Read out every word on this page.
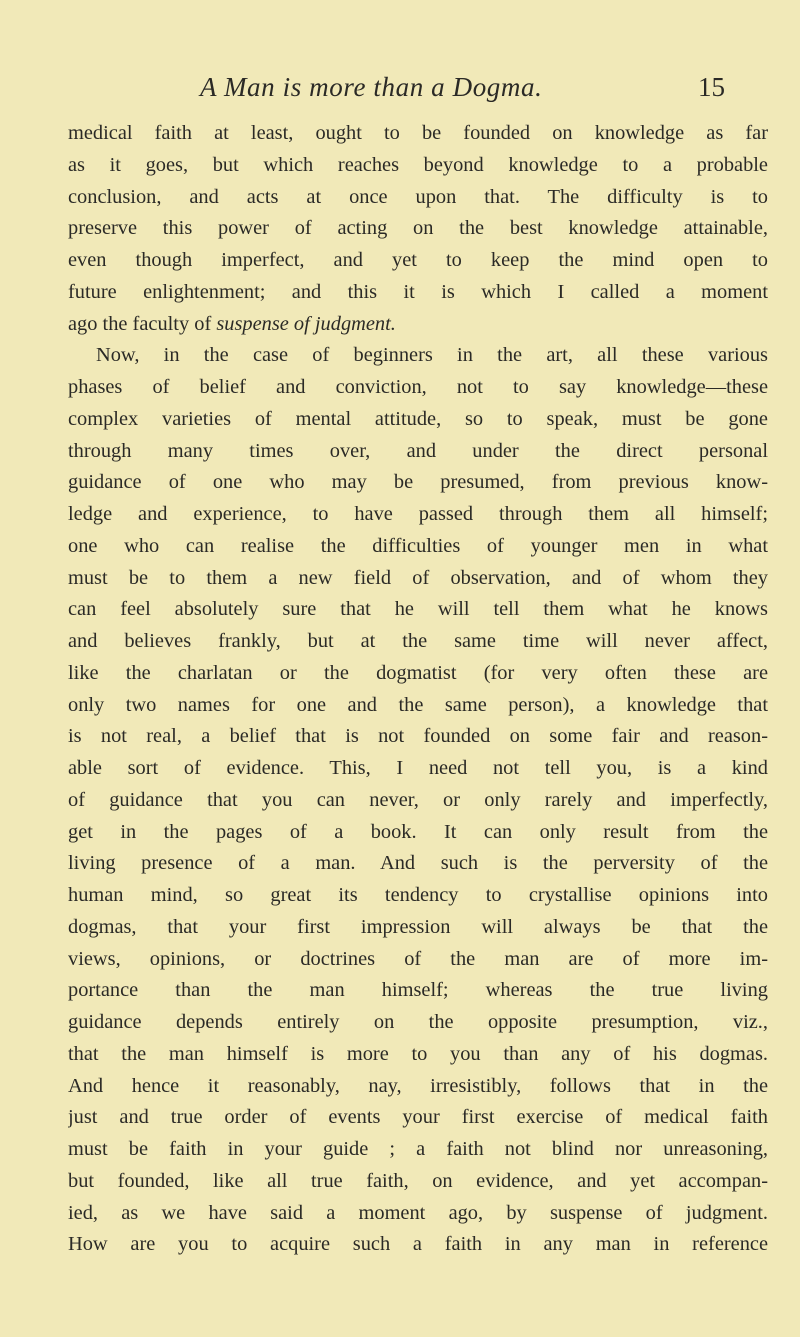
A Man is more than a Dogma.	15
medical faith at least, ought to be founded on knowledge as far
as it goes, but which reaches beyond knowledge to a probable
conclusion, and acts at once upon that. The difficulty is to
preserve this power of acting on the best knowledge attainable,
even though imperfect, and yet to keep the mind open to
future enlightenment; and this it is which I called a moment
ago the faculty of suspense of judgment.
Now, in the case of beginners in the art, all these various
phases of belief and conviction, not to say knowledge—these
complex varieties of mental attitude, so to speak, must be gone
through many times over, and under the direct personal
guidance of one who may be presumed, from previous know-
ledge and experience, to have passed through them all himself;
one who can realise the difficulties of younger men in what
must be to them a new field of observation, and of whom they
can feel absolutely sure that he will tell them what he knows
and believes frankly, but at the same time will never affect,
like the charlatan or the dogmatist (for very often these are
only two names for one and the same person), a knowledge that
is not real, a belief that is not founded on some fair and reason-
able sort of evidence. This, I need not tell you, is a kind
of guidance that you can never, or only rarely and imperfectly,
get in the pages of a book. It can only result from the
living presence of a man. And such is the perversity of the
human mind, so great its tendency to crystallise opinions into
dogmas, that your first impression will always be that the
views, opinions, or doctrines of the man are of more im-
portance than the man himself; whereas the true living
guidance depends entirely on the opposite presumption, viz.,
that the man himself is more to you than any of his dogmas.
And hence it reasonably, nay, irresistibly, follows that in the
just and true order of events your first exercise of medical faith
must be faith in your guide ; a faith not blind nor unreasoning,
but founded, like all true faith, on evidence, and yet accompan-
ied, as we have said a moment ago, by suspense of judgment.
How are you to acquire such a faith in any man in reference
